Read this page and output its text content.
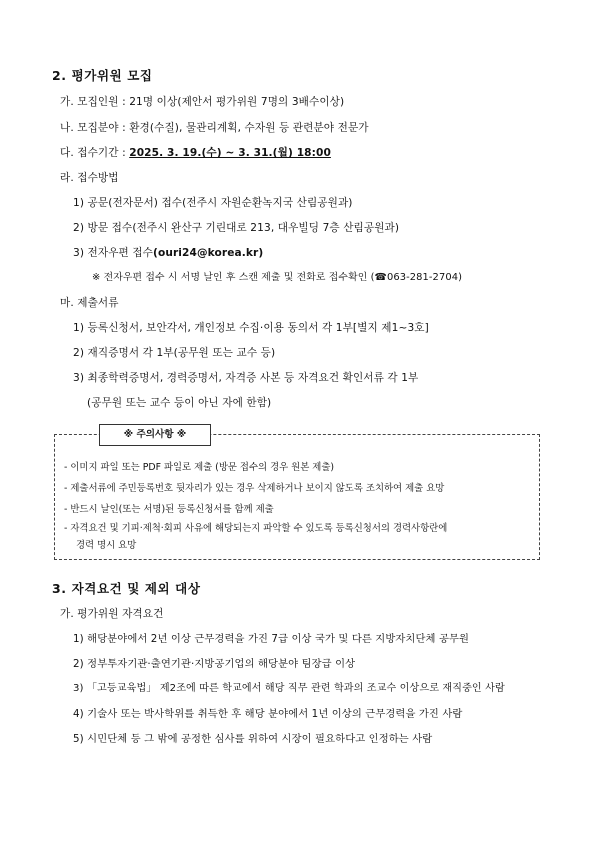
2. 평가위원 모집
가. 모집인원 : 21명 이상(제안서 평가위원 7명의 3배수이상)
나. 모집분야 : 환경(수질), 물관리계획, 수자원 등 관련분야 전문가
다. 접수기간 : 2025. 3. 19.(수) ~ 3. 31.(월) 18:00
라. 접수방법
1) 공문(전자문서) 접수(전주시 자원순환녹지국 산림공원과)
2) 방문 접수(전주시 완산구 기린대로 213, 대우빌딩 7층 산림공원과)
3) 전자우편 접수(ouri24@korea.kr)
※ 전자우편 접수 시 서명 날인 후 스캔 제출 및 전화로 접수확인 (☎063-281-2704)
마. 제출서류
1) 등록신청서, 보안각서, 개인정보 수집·이용 동의서 각 1부[별지 제1~3호]
2) 재직증명서 각 1부(공무원 또는 교수 등)
3) 최종학력증명서, 경력증명서, 자격증 사본 등 자격요건 확인서류 각 1부
(공무원 또는 교수 등이 아닌 자에 한함)
※ 주의사항 ※
- 이미지 파일 또는 PDF 파일로 제출 (방문 접수의 경우 원본 제출)
- 제출서류에 주민등록번호 뒷자리가 있는 경우 삭제하거나 보이지 않도록 조치하여 제출 요망
- 반드시 날인(또는 서명)된 등록신청서를 함께 제출
- 자격요건 및 기피·제척·회피 사유에 해당되는지 파악할 수 있도록 등록신청서의 경력사항란에
경력 명시 요망
3. 자격요건 및 제외 대상
가. 평가위원 자격요건
1) 해당분야에서 2년 이상 근무경력을 가진 7급 이상 국가 및 다른 지방자치단체 공무원
2) 정부투자기관·출연기관·지방공기업의 해당분야 팀장급 이상
3) 「고등교육법」 제2조에 따른 학교에서 해당 직무 관련 학과의 조교수 이상으로 재직중인 사람
4) 기술사 또는 박사학위를 취득한 후 해당 분야에서 1년 이상의 근무경력을 가진 사람
5) 시민단체 등 그 밖에 공정한 심사를 위하여 시장이 필요하다고 인정하는 사람
